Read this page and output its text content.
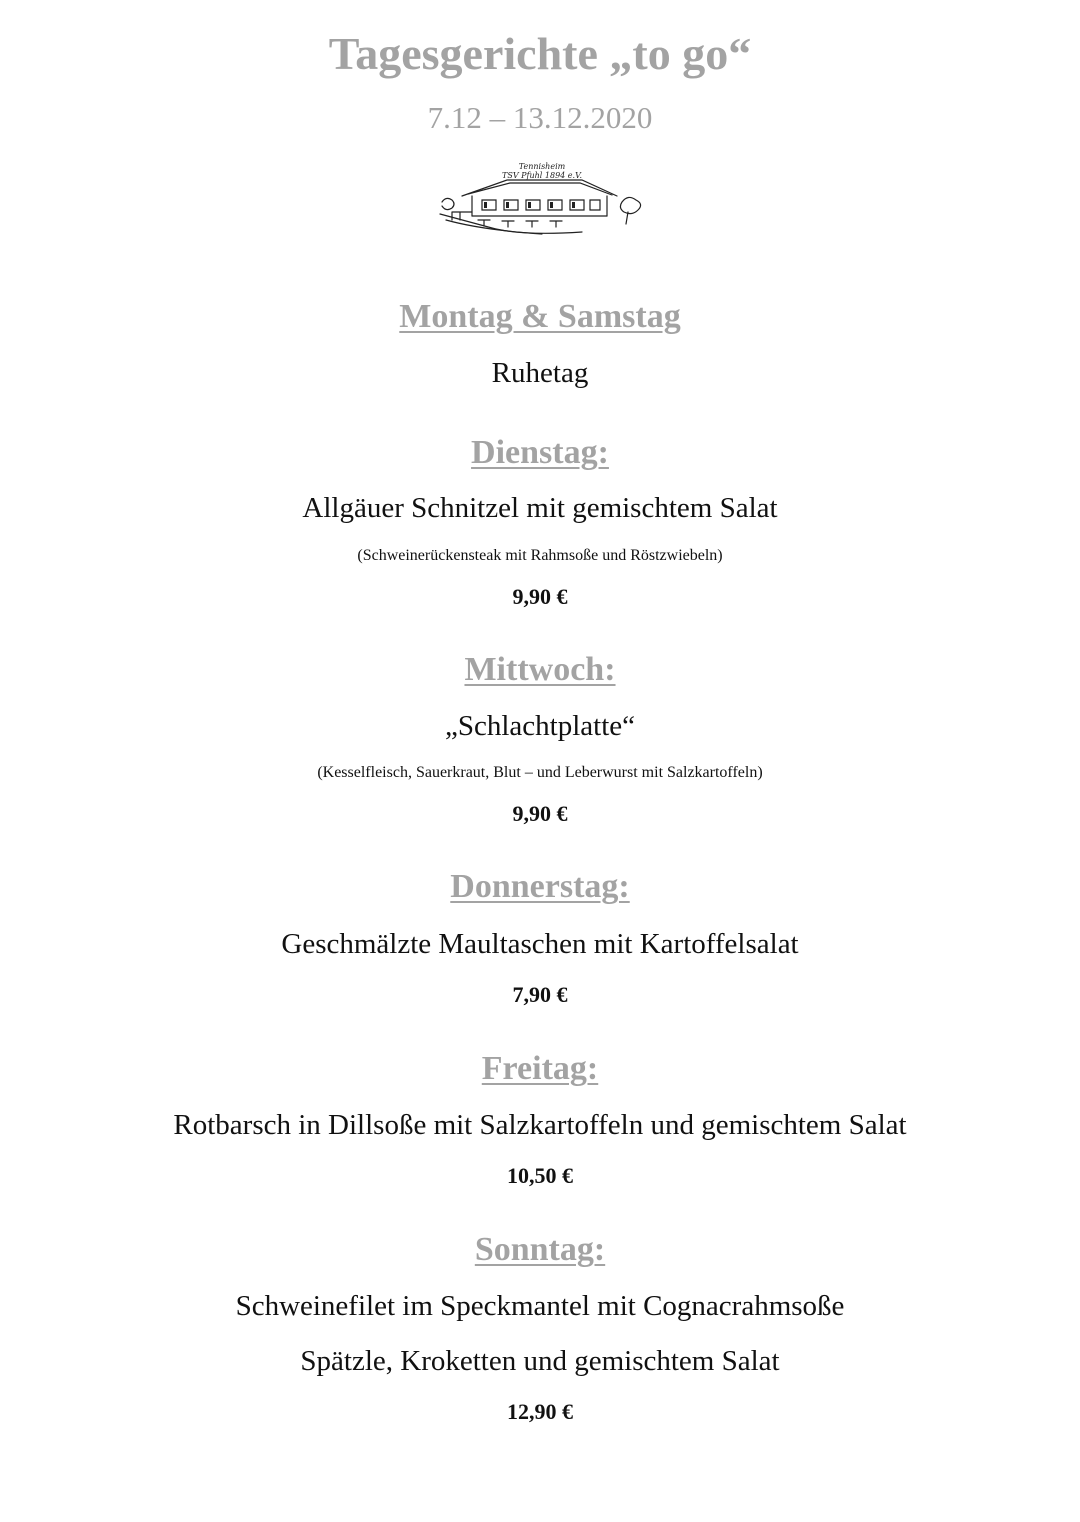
Tagesgerichte „to go“
7.12 – 13.12.2020
Tennisheim
TSV Pfuhl 1894 e.V.
Montag & Samstag
Ruhetag
Dienstag:
Allgäuer Schnitzel mit gemischtem Salat
(Schweinerückensteak mit Rahmsoße und Röstzwiebeln)
9,90 €
Mittwoch:
„Schlachtplatte“
(Kesselfleisch, Sauerkraut, Blut – und Leberwurst mit Salzkartoffeln)
9,90 €
Donnerstag:
Geschmälzte Maultaschen mit Kartoffelsalat
7,90 €
Freitag:
Rotbarsch in Dillsoße mit Salzkartoffeln und gemischtem Salat
10,50 €
Sonntag:
Schweinefilet im Speckmantel mit Cognacrahmsoße
Spätzle, Kroketten und gemischtem Salat
12,90 €
